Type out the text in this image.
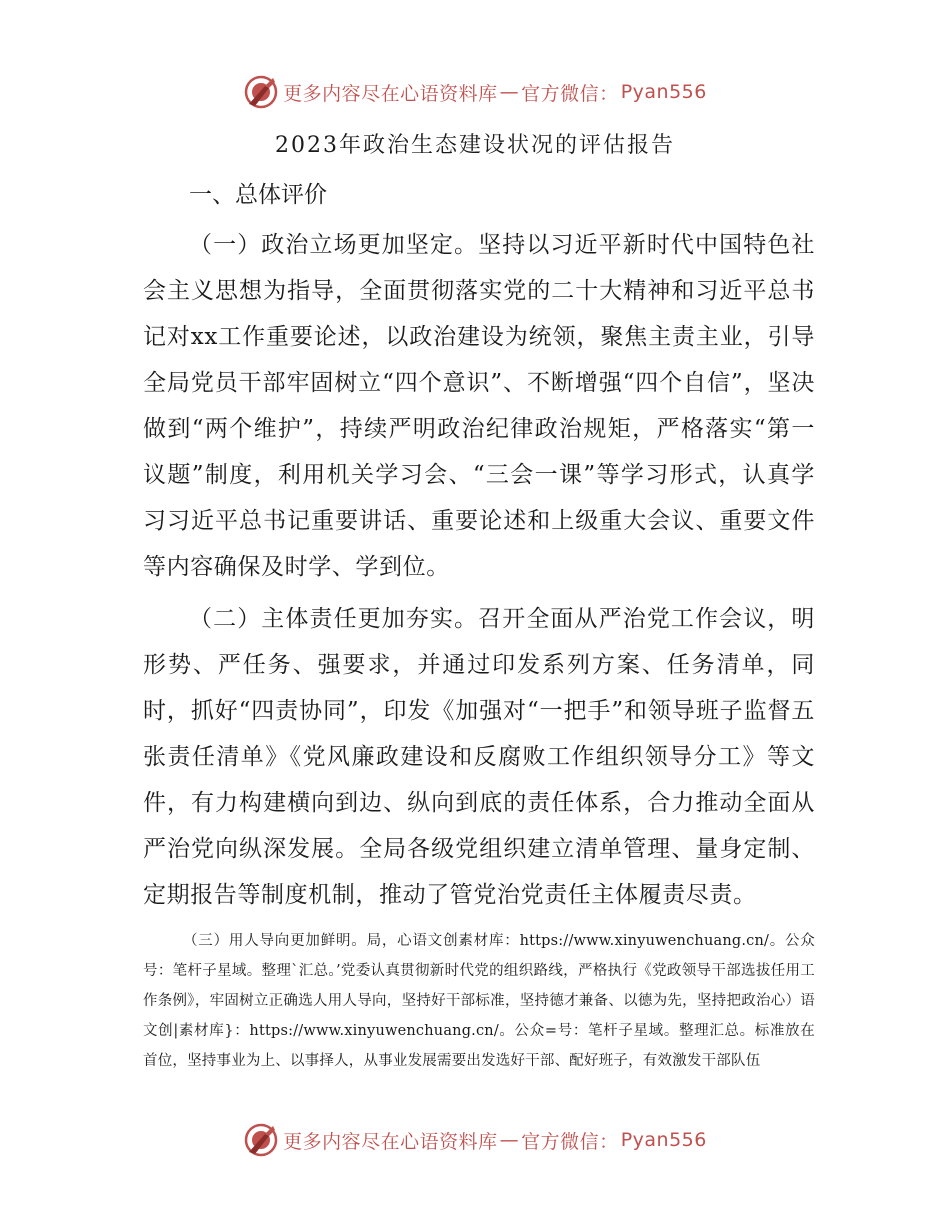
更多内容尽在心语资料库 — 官方微信： Pyan556
2023年政治生态建设状况的评估报告

一、总体评价

（一）政治立场更加坚定。坚持以习近平新时代中国特色社会主义思想为指导，全面贯彻落实党的二十大精神和习近平总书记对xx工作重要论述，以政治建设为统领，聚焦主责主业，引导全局党员干部牢固树立“四个意识”、不断增强“四个自信”，坚决做到“两个维护”，持续严明政治纪律政治规矩，严格落实“第一议题”制度，利用机关学习会、“三会一课”等学习形式，认真学习习近平总书记重要讲话、重要论述和上级重大会议、重要文件等内容确保及时学、学到位。

（二）主体责任更加夯实。召开全面从严治党工作会议，明形势、严任务、强要求，并通过印发系列方案、任务清单，同时，抓好“四责协同”，印发《加强对“一把手”和领导班子监督五张责任清单》《党风廉政建设和反腐败工作组织领导分工》等文件，有力构建横向到边、纵向到底的责任体系，合力推动全面从严治党向纵深发展。全局各级党组织建立清单管理、量身定制、定期报告等制度机制，推动了管党治党责任主体履责尽责。

（三）用人导向更加鲜明。局，心语文创素材库：https://www.xinyuwenchuang.cn/。公众号：笔杆子星域。整理`汇总。’党委认真贯彻新时代党的组织路线，严格执行《党政领导干部选拔任用工作条例》，牢固树立正确选人用人导向，坚持好干部标准，坚持德才兼备、以德为先，坚持把政治心）语文创|素材库}：https://www.xinyuwenchuang.cn/。公众=号：笔杆子星域。整理汇总。标准放在首位，坚持事业为上、以事择人，从事业发展需要出发选好干部、配好班子，有效激发干部队伍

更多内容尽在心语资料库 — 官方微信： Pyan556
